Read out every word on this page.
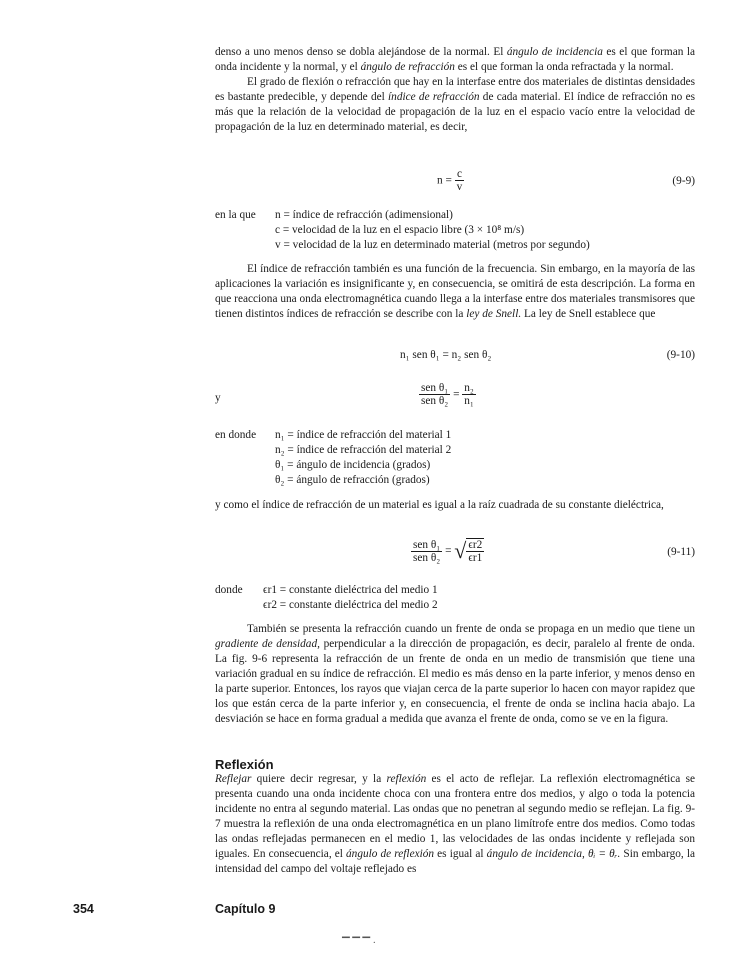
denso a uno menos denso se dobla alejándose de la normal. El ángulo de incidencia es el que forman la onda incidente y la normal, y el ángulo de refracción es el que forman la onda refractada y la normal.

El grado de flexión o refracción que hay en la interfase entre dos materiales de distintas densidades es bastante predecible, y depende del índice de refracción de cada material. El índice de refracción no es más que la relación de la velocidad de propagación de la luz en el espacio vacío entre la velocidad de propagación de la luz en determinado material, es decir,

$n = \frac{c}{v}$	(9-9)
en la que n = índice de refracción (adimensional)
c = velocidad de la luz en el espacio libre (3 × 10⁸ m/s)
v = velocidad de la luz en determinado material (metros por segundo)

El índice de refracción también es una función de la frecuencia. Sin embargo, en la mayoría de las aplicaciones la variación es insignificante y, en consecuencia, se omitirá de esta descripción. La forma en que reacciona una onda electromagnética cuando llega a la interfase entre dos materiales transmisores que tienen distintos índices de refracción se describe con la ley de Snell. La ley de Snell establece que

n₁ sen θ₁ = n₂ sen θ₂	(9-10)
y	$\frac{\text{sen θ₁}}{\text{sen θ₂}} = \frac{\text{n₂}}{\text{n₁}}$
en donde n₁ = índice de refracción del material 1
n₂ = índice de refracción del material 2
θ₁ = ángulo de incidencia (grados)
θ₂ = ángulo de refracción (grados)

y como el índice de refracción de un material es igual a la raíz cuadrada de su constante dieléctrica,

$\frac{\text{sen θ₁}}{\text{sen θ₂}}$ = √ $\frac{\epsilon r2}{\epsilon r1}$	(9-11)
donde ϵr1 = constante dieléctrica del medio 1
ϵr2 = constante dieléctrica del medio 2

También se presenta la refracción cuando un frente de onda se propaga en un medio que tiene un gradiente de densidad, perpendicular a la dirección de propagación, es decir, paralelo al frente de onda. La fig. 9-6 representa la refracción de un frente de onda en un medio de transmisión que tiene una variación gradual en su índice de refracción. El medio es más denso en la parte inferior, y menos denso en la parte superior. Entonces, los rayos que viajan cerca de la parte superior lo hacen con mayor rapidez que los que están cerca de la parte inferior y, en consecuencia, el frente de onda se inclina hacia abajo. La desviación se hace en forma gradual a medida que avanza el frente de onda, como se ve en la figura.

Reflexión

Reflejar quiere decir regresar, y la reflexión es el acto de reflejar. La reflexión electromagnética se presenta cuando una onda incidente choca con una frontera entre dos medios, y algo o toda la potencia incidente no entra al segundo material. Las ondas que no penetran al segundo medio se reflejan. La fig. 9-7 muestra la reflexión de una onda electromagnética en un plano limítrofe entre dos medios. Como todas las ondas reflejadas permanecen en el medio 1, las velocidades de las ondas incidente y reflejada son iguales. En consecuencia, el ángulo de reflexión es igual al ángulo de incidencia, θᵢ = θᵣ. Sin embargo, la intensidad del campo del voltaje reflejado es

354	Capítulo 9
▔ ▔ ▔ ·
